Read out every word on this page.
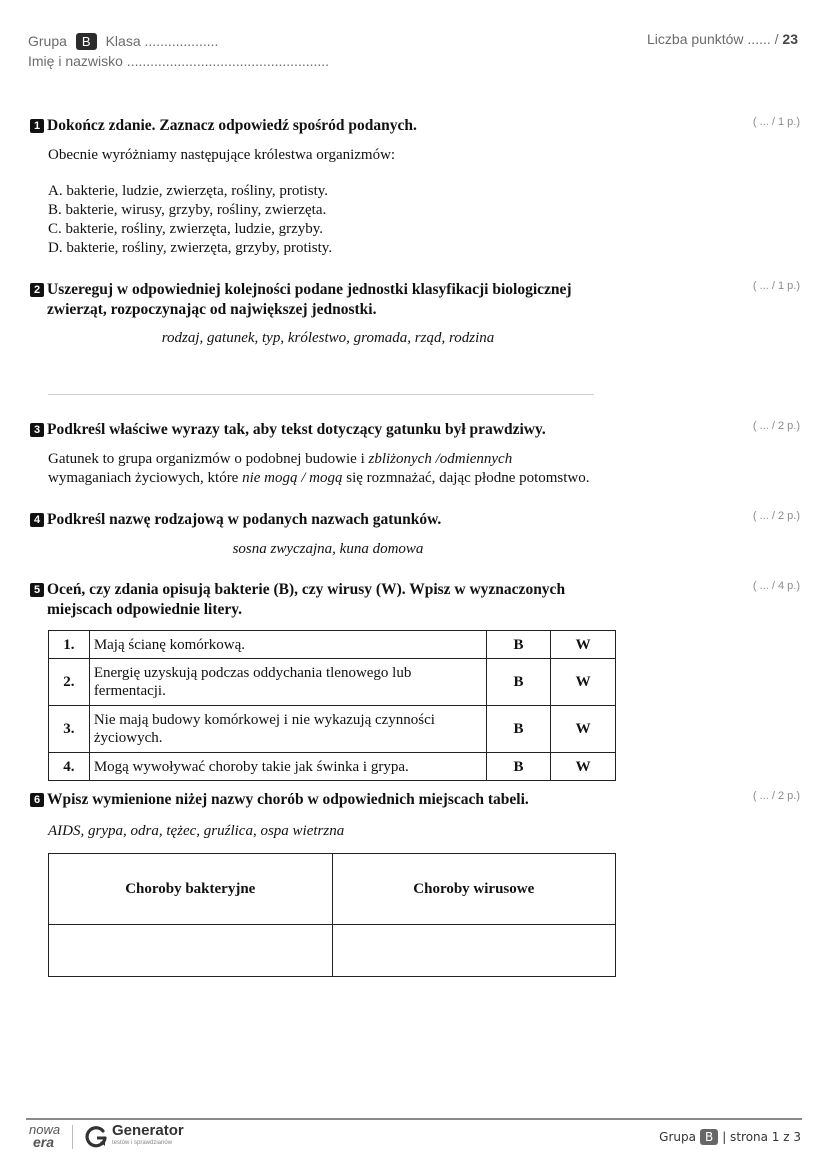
Grupa	B	Klasa ...................
Imię i nazwisko ....................................................
Liczba punktów ...... / 23
1 Dokończ zdanie. Zaznacz odpowiedź spośród podanych.	( ... / 1 p.)
Obecnie wyróżniamy następujące królestwa organizmów:
A. bakterie, ludzie, zwierzęta, rośliny, protisty.
B. bakterie, wirusy, grzyby, rośliny, zwierzęta.
C. bakterie, rośliny, zwierzęta, ludzie, grzyby.
D. bakterie, rośliny, zwierzęta, grzyby, protisty.
2 Uszereguj w odpowiedniej kolejności podane jednostki klasyfikacji biologicznej zwierząt, rozpoczynając od największej jednostki.
( ... / 1 p.)
rodzaj, gatunek, typ, królestwo, gromada, rząd, rodzina
3 Podkreśl właściwe wyrazy tak, aby tekst dotyczący gatunku był prawdziwy.	( ... / 2 p.)
Gatunek to grupa organizmów o podobnej budowie i zbliżonych /odmiennych wymaganiach życiowych, które nie mogą / mogą się rozmnażać, dając płodne potomstwo.
4 Podkreśl nazwę rodzajową w podanych nazwach gatunków.	( ... / 2 p.)
sosna zwyczajna, kuna domowa
5 Oceń, czy zdania opisują bakterie (B), czy wirusy (W). Wpisz w wyznaczonych miejscach odpowiednie litery.
( ... / 4 p.)
1.	Mają ścianę komórkową.	B	W
2.	Energię uzyskują podczas oddychania tlenowego lub fermentacji.	B	W
3.	Nie mają budowy komórkowej i nie wykazują czynności życiowych.	B	W
4.	Mogą wywoływać choroby takie jak świnka i grypa.	B	W
6 Wpisz wymienione niżej nazwy chorób w odpowiednich miejscach tabeli.	( ... / 2 p.)
AIDS, grypa, odra, tężec, gruźlica, ospa wietrzna
Choroby bakteryjne	Choroby wirusowe

nowa
era
Generator
testów i sprawdzianów	Grupa B | strona 1 z 3
